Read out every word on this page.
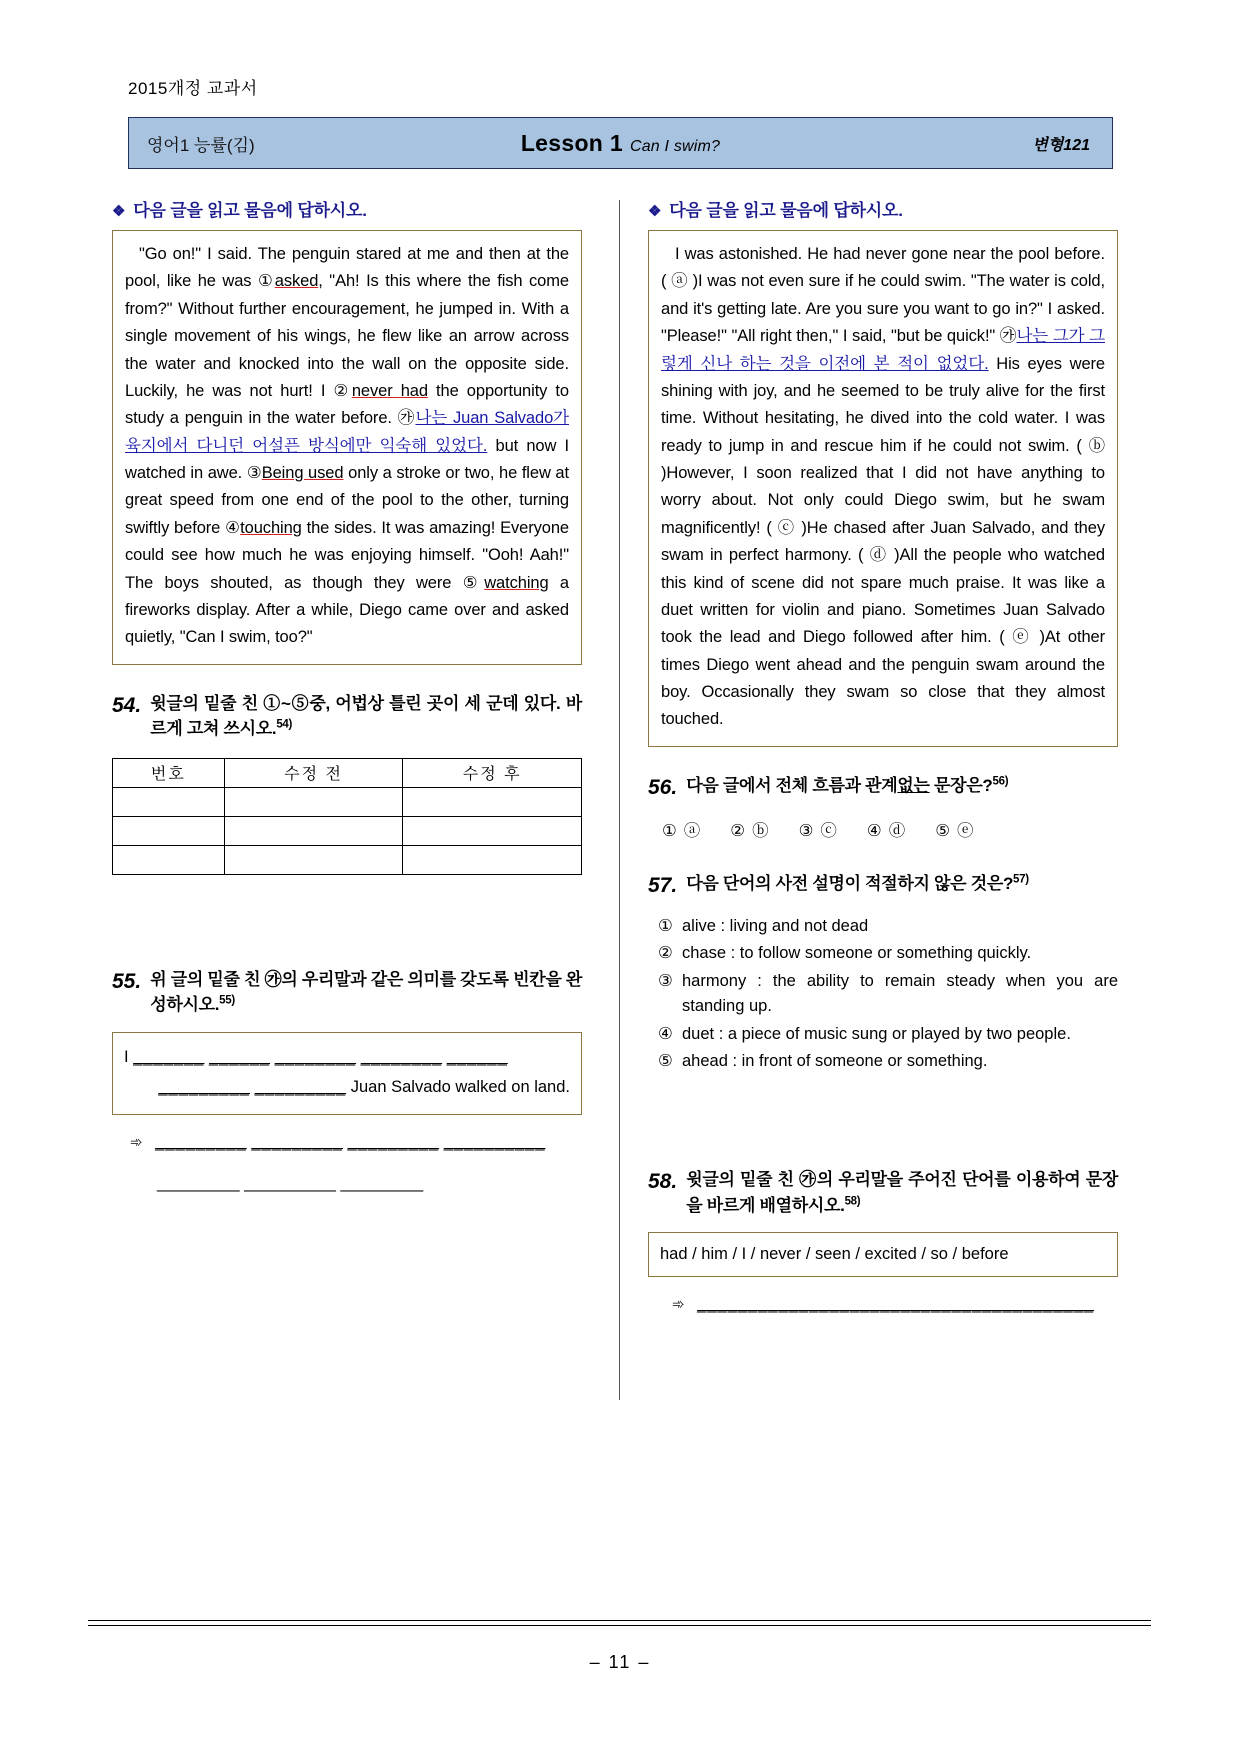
2015개정 교과서
영어1 능률(김)	Lesson 1 Can I swim?	변형121
❖ 다음 글을 읽고 물음에 답하시오.
"Go on!" I said. The penguin stared at me and then at the pool, like he was ①asked, "Ah! Is this where the fish come from?" Without further encouragement, he jumped in. With a single movement of his wings, he flew like an arrow across the water and knocked into the wall on the opposite side. Luckily, he was not hurt! I ②never had the opportunity to study a penguin in the water before. ㉮나는 Juan Salvado가 육지에서 다니던 어설픈 방식에만 익숙해 있었다. but now I watched in awe. ③Being used only a stroke or two, he flew at great speed from one end of the pool to the other, turning swiftly before ④touching the sides. It was amazing! Everyone could see how much he was enjoying himself. "Ooh! Aah!" The boys shouted, as though they were ⑤watching a fireworks display. After a while, Diego came over and asked quietly, "Can I swim, too?"
54. 윗글의 밑줄 친 ①~⑤중, 어법상 틀린 곳이 세 군데 있다. 바르게 고쳐 쓰시오.$^{54)}$
번호	수정 전	수정 후

55. 위 글의 밑줄 친 ㉮의 우리말과 같은 의미를 갖도록 빈칸을 완성하시오.$^{55)}$
I _______ ______ ________ ________ ______
_________ _________ Juan Salvado walked on land.
➾ _________ _________ _________ __________
_________ __________ _________
❖ 다음 글을 읽고 물음에 답하시오.
I was astonished. He had never gone near the pool before. ( ⓐ )I was not even sure if he could swim. "The water is cold, and it's getting late. Are you sure you want to go in?" I asked. "Please!" "All right then," I said, "but be quick!" ㉮나는 그가 그렇게 신나 하는 것을 이전에 본 적이 없었다. His eyes were shining with joy, and he seemed to be truly alive for the first time. Without hesitating, he dived into the cold water. I was ready to jump in and rescue him if he could not swim. ( ⓑ )However, I soon realized that I did not have anything to worry about. Not only could Diego swim, but he swam magnificently! ( ⓒ )He chased after Juan Salvado, and they swam in perfect harmony. ( ⓓ )All the people who watched this kind of scene did not spare much praise. It was like a duet written for violin and piano. Sometimes Juan Salvado took the lead and Diego followed after him. ( ⓔ )At other times Diego went ahead and the penguin swam around the boy. Occasionally they swam so close that they almost touched.
56. 다음 글에서 전체 흐름과 관계없는 문장은?$^{56)}$
① ⓐ ② ⓑ ③ ⓒ ④ ⓓ ⑤ ⓔ
57. 다음 단어의 사전 설명이 적절하지 않은 것은?$^{57)}$
① alive : living and not dead
② chase : to follow someone or something quickly.
③ harmony : the ability to remain steady when you are standing up.
④ duet : a piece of music sung or played by two people.
⑤ ahead : in front of someone or something.
58. 윗글의 밑줄 친 ㉮의 우리말을 주어진 단어를 이용하여 문장을 바르게 배열하시오.$^{58)}$
had / him / I / never / seen / excited / so / before
➾ _______________________________________
– 11 –
